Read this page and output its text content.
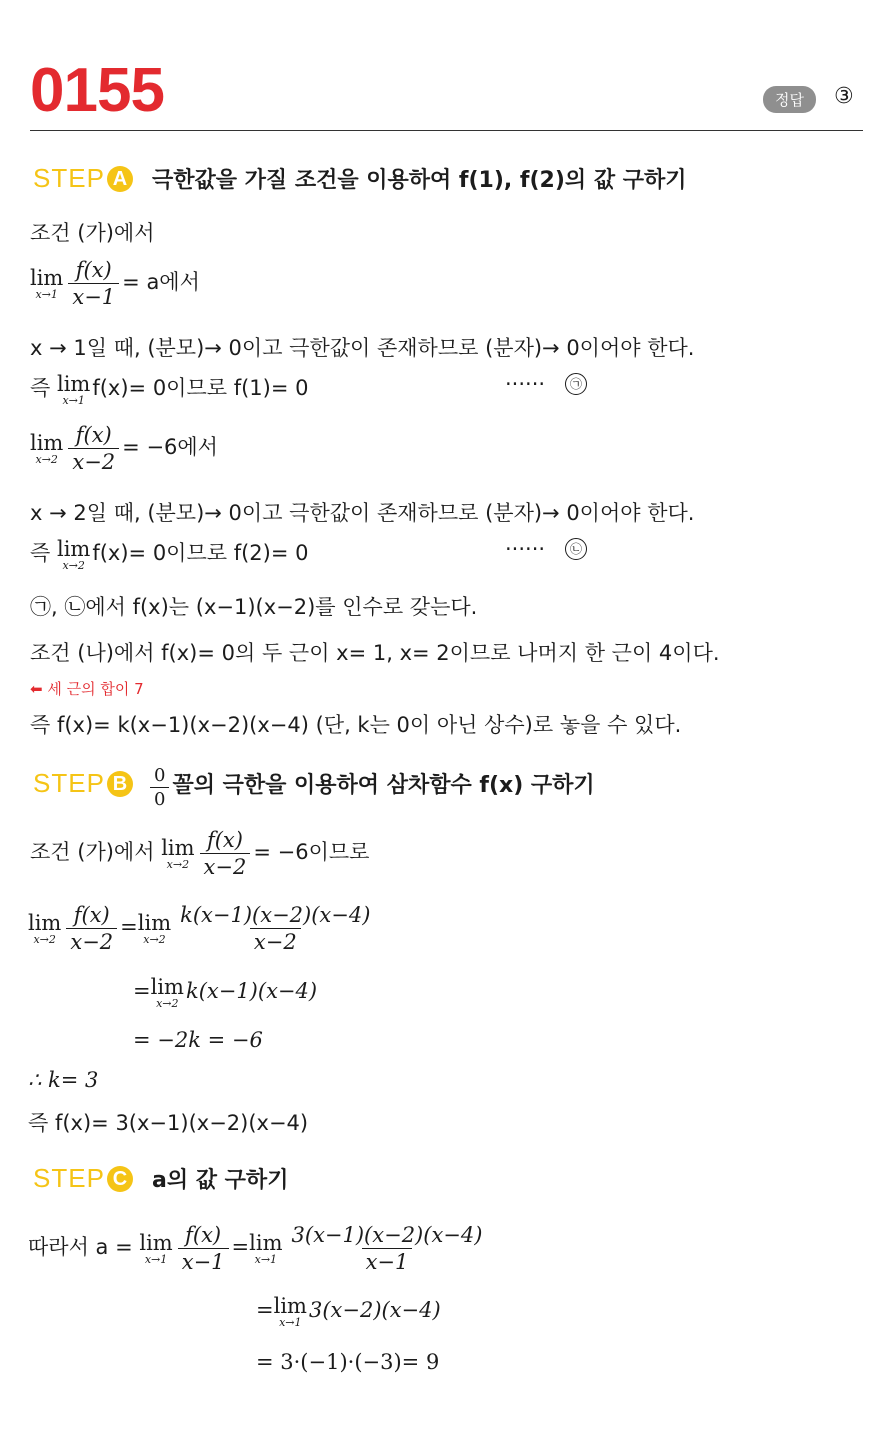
0155	정답	③
STEP A 극한값을 가질 조건을 이용하여 f(1), f(2)의 값 구하기
조건 (가)에서
lim
$x\to 1 \frac{f(x)}{x-1} = a$에서
x → 1일 때, (분모)→ 0이고 극한값이 존재하므로 (분자)→ 0이어야 한다.
즉 lim
x→1
f(x)= 0이므로 f(1)= 0	······	㉠
lim
$x\to 2 \frac{f(x)}{x-2} = -6$에서
x → 2일 때, (분모)→ 0이고 극한값이 존재하므로 (분자)→ 0이어야 한다.
즉 lim
x→2
f(x)= 0이므로 f(2)= 0	······	㉡
㉠, ㉡에서 f(x)는 (x−1)(x−2)를 인수로 갖는다.
조건 (나)에서 f(x)= 0의 두 근이 x= 1, x= 2이므로 나머지 한 근이 4이다.
⬅ 세 근의 합이 7
즉 f(x)= k(x−1)(x−2)(x−4) (단, k는 0이 아닌 상수)로 놓을 수 있다.
STEP B $\frac{0}{0}$ 꼴의 극한을 이용하여 삼차함수 f(x) 구하기
조건 (가)에서 lim
$x\to 2 \frac{f(x)}{x-2} = -6$이므로
lim
$x\to 2 \frac{f(x)}{x-2} = \lim$
$x\to 2 \frac{k(x-1)(x-2)(x-4)}{x-2}$
= lim
x→2
k(x−1)(x−4)
= −2k = −6
∴ k= 3
즉 f(x)= 3(x−1)(x−2)(x−4)
STEP C a의 값 구하기
따라서 a = lim
$x\to 1 \frac{f(x)}{x-1} = \lim$
$x\to 1 \frac{3(x-1)(x-2)(x-4)}{x-1}$
= lim
x→1
3(x−2)(x−4)
= 3·(−1)·(−3)= 9
